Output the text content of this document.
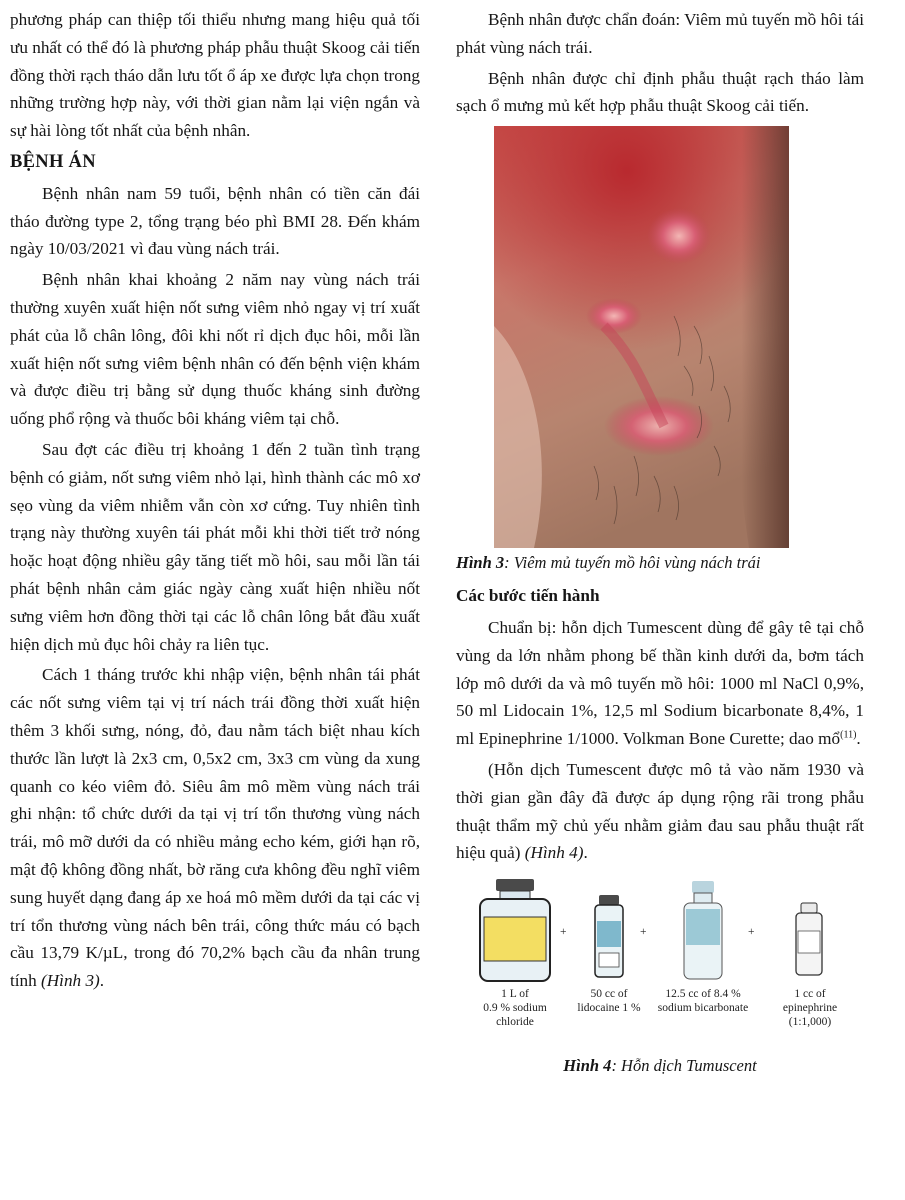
phương pháp can thiệp tối thiểu nhưng mang hiệu quả tối ưu nhất có thể đó là phương pháp phẫu thuật Skoog cải tiến đồng thời rạch tháo dẫn lưu tốt ổ áp xe được lựa chọn trong những trường hợp này, với thời gian nằm lại viện ngắn và sự hài lòng tốt nhất của bệnh nhân.

BỆNH ÁN

Bệnh nhân nam 59 tuổi, bệnh nhân có tiền căn đái tháo đường type 2, tổng trạng béo phì BMI 28. Đến khám ngày 10/03/2021 vì đau vùng nách trái.

Bệnh nhân khai khoảng 2 năm nay vùng nách trái thường xuyên xuất hiện nốt sưng viêm nhỏ ngay vị trí xuất phát của lỗ chân lông, đôi khi nốt rỉ dịch đục hôi, mỗi lần xuất hiện nốt sưng viêm bệnh nhân có đến bệnh viện khám và được điều trị bằng sử dụng thuốc kháng sinh đường uống phổ rộng và thuốc bôi kháng viêm tại chỗ.

Sau đợt các điều trị khoảng 1 đến 2 tuần tình trạng bệnh có giảm, nốt sưng viêm nhỏ lại, hình thành các mô xơ sẹo vùng da viêm nhiễm vẫn còn xơ cứng. Tuy nhiên tình trạng này thường xuyên tái phát mỗi khi thời tiết trở nóng hoặc hoạt động nhiều gây tăng tiết mồ hôi, sau mỗi lần tái phát bệnh nhân cảm giác ngày càng xuất hiện nhiều nốt sưng viêm hơn đồng thời tại các lỗ chân lông bắt đầu xuất hiện dịch mủ đục hôi chảy ra liên tục.

Cách 1 tháng trước khi nhập viện, bệnh nhân tái phát các nốt sưng viêm tại vị trí nách trái đồng thời xuất hiện thêm 3 khối sưng, nóng, đỏ, đau nằm tách biệt nhau kích thước lần lượt là 2x3 cm, 0,5x2 cm, 3x3 cm vùng da xung quanh co kéo viêm đỏ. Siêu âm mô mềm vùng nách trái ghi nhận: tổ chức dưới da tại vị trí tổn thương vùng nách trái, mô mỡ dưới da có nhiều mảng echo kém, giới hạn rõ, mật độ không đồng nhất, bờ răng cưa không đều nghĩ viêm sung huyết dạng đang áp xe hoá mô mềm dưới da tại các vị trí tổn thương vùng nách bên trái, công thức máu có bạch cầu 13,79 K/µL, trong đó 70,2% bạch cầu đa nhân trung tính (Hình 3).

Bệnh nhân được chẩn đoán: Viêm mủ tuyến mồ hôi tái phát vùng nách trái.

Bệnh nhân được chỉ định phẫu thuật rạch tháo làm sạch ổ mưng mủ kết hợp phẫu thuật Skoog cải tiến.

Hình 3: Viêm mủ tuyến mồ hôi vùng nách trái

Các bước tiến hành

Chuẩn bị: hỗn dịch Tumescent dùng để gây tê tại chỗ vùng da lớn nhằm phong bế thần kinh dưới da, bơm tách lớp mô dưới da và mô tuyến mồ hôi: 1000 ml NaCl 0,9%, 50 ml Lidocain 1%, 12,5 ml Sodium bicarbonate 8,4%, 1 ml Epinephrine 1/1000. Volkman Bone Curette; dao mổ$^{(11)}$.

(Hỗn dịch Tumescent được mô tả vào năm 1930 và thời gian gần đây đã được áp dụng rộng rãi trong phẫu thuật thẩm mỹ chủ yếu nhằm giảm đau sau phẫu thuật rất hiệu quả) (Hình 4).

+	+	+
1 L of
0.9 % sodium
chloride
50 cc of
lidocaine 1 %
12.5 cc of 8.4 %
sodium bicarbonate
1 cc of
epinephrine
(1:1,000)

Hình 4: Hỗn dịch Tumuscent
